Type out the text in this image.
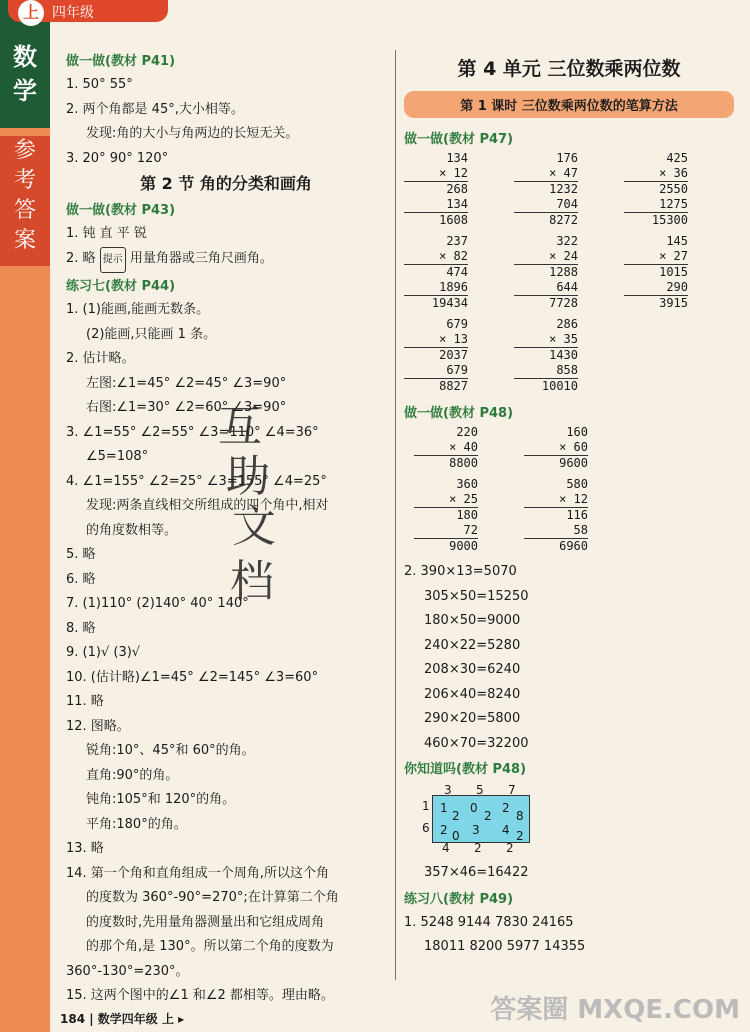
数
学
参
考
答
案
上 四年级
做一做(教材 P41)
1. 50° 55°
2. 两个角都是 45°,大小相等。
发现:角的大小与角两边的长短无关。
3. 20° 90° 120°
第 2 节 角的分类和画角
做一做(教材 P43)
1. 钝 直 平 锐
2. 略 提示 用量角器或三角尺画角。
练习七(教材 P44)
1. (1)能画,能画无数条。
(2)能画,只能画 1 条。
2. 估计略。
左图:∠1=45° ∠2=45° ∠3=90°
右图:∠1=30° ∠2=60° ∠3=90°
3. ∠1=55° ∠2=55° ∠3=110° ∠4=36°
∠5=108°
4. ∠1=155° ∠2=25° ∠3=155° ∠4=25°
发现:两条直线相交所组成的四个角中,相对
的角度数相等。
5. 略
6. 略
7. (1)110° (2)140° 40° 140°
8. 略
9. (1)√ (3)√
10. (估计略)∠1=45° ∠2=145° ∠3=60°
11. 略
12. 图略。
锐角:10°、45°和 60°的角。
直角:90°的角。
钝角:105°和 120°的角。
平角:180°的角。
13. 略
14. 第一个角和直角组成一个周角,所以这个角
的度数为 360°-90°=270°;在计算第二个角
的度数时,先用量角器测量出和它组成周角
的那个角,是 130°。所以第二个角的度数为
360°-130°=230°。
15. 这两个图中的∠1 和∠2 都相等。理由略。
互
助
文
档
第 4 单元 三位数乘两位数
第 1 课时 三位数乘两位数的笔算方法
做一做(教材 P47)
134
× 12
268
134
1608
176
× 47
1232
704
8272
425
× 36
2550
1275
15300
237
× 82
474
1896
19434
322
× 24
1288
644
7728
145
× 27
1015
290
3915
679
× 13
2037
679
8827
286
× 35
1430
858
10010
做一做(教材 P48)
220
× 40
8800
160
× 60
9600
360
× 25
180
72
9000
580
× 12
116
58
6960
2. 390×13=5070
305×50=15250
180×50=9000
240×22=5280
208×30=6240
206×40=8240
290×20=5800
460×70=32200
你知道吗(教材 P48)
3 5 7
1
6
4 2 2
1
2
0
2
2
8
2 0 3 4 2
357×46=16422
练习八(教材 P49)
1. 5248 9144 7830 24165
18011 8200 5977 14355
184 | 数学四年级 上 ▸	答案圈 MXQE.COM
